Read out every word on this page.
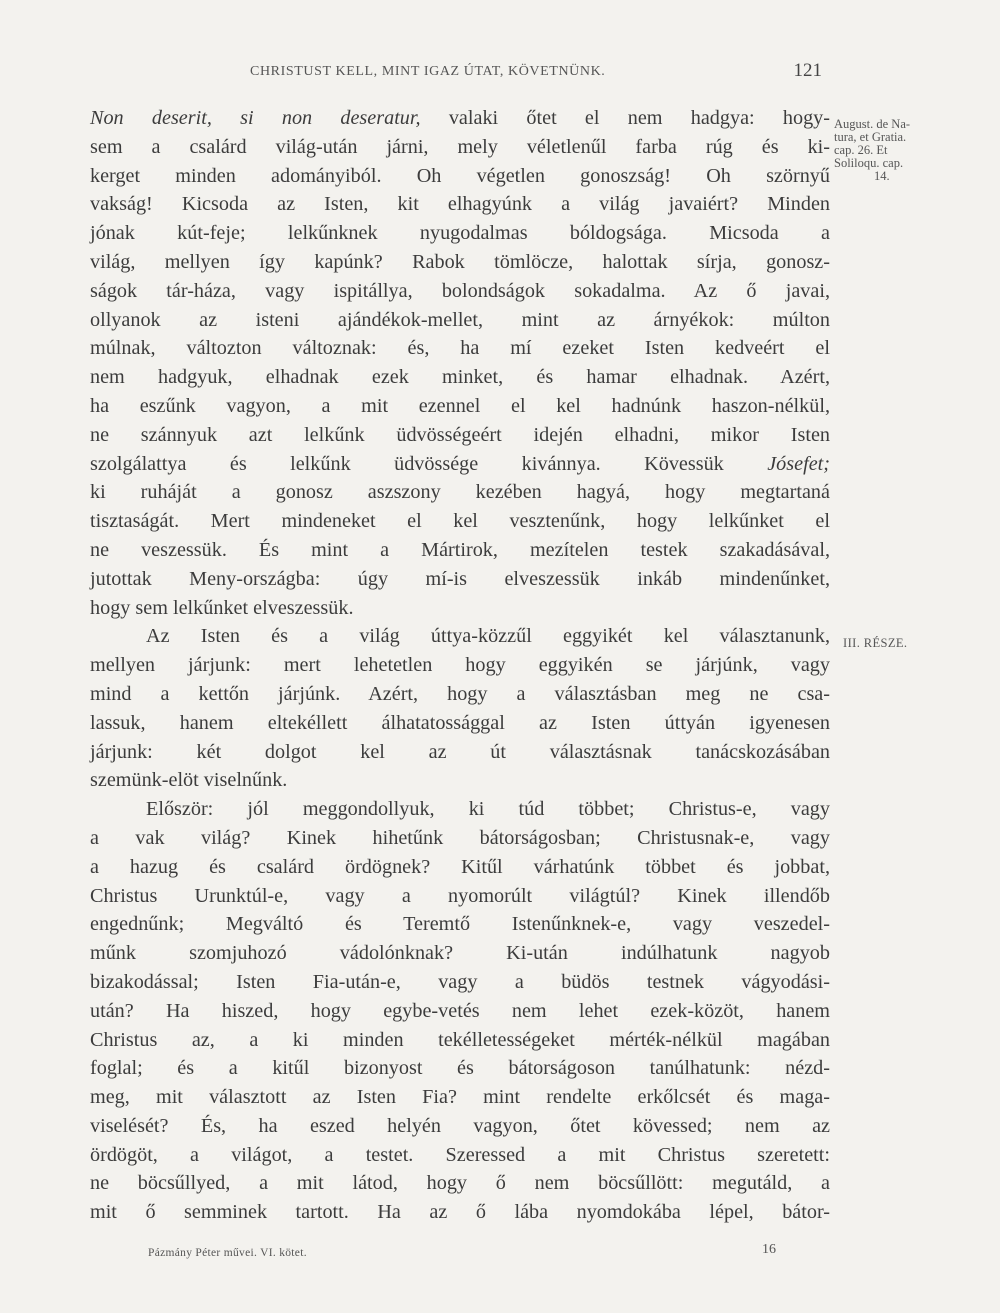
CHRISTUST KELL, MINT IGAZ ÚTAT, KÖVETNÜNK.	121
Non deserit, si non deseratur, valaki őtet el nem hadgya: hogy-
sem a csalárd világ-után járni, mely véletlenűl farba rúg és ki-
kerget minden adományiból. Oh végetlen gonoszság! Oh szörnyű
vakság! Kicsoda az Isten, kit elhagyúnk a világ javaiért? Minden
jónak kút-feje; lelkűnknek nyugodalmas bóldogsága. Micsoda a
világ, mellyen így kapúnk? Rabok tömlöcze, halottak sírja, gonosz-
ságok tár-háza, vagy ispitállya, bolondságok sokadalma. Az ő javai,
ollyanok az isteni ajándékok-mellet, mint az árnyékok: múlton
múlnak, változton változnak: és, ha mí ezeket Isten kedveért el
nem hadgyuk, elhadnak ezek minket, és hamar elhadnak. Azért,
ha eszűnk vagyon, a mit ezennel el kel hadnúnk haszon-nélkül,
ne szánnyuk azt lelkűnk üdvösségeért idején elhadni, mikor Isten
szolgálattya és lelkűnk üdvössége kivánnya. Kövessük Jósefet;
ki ruháját a gonosz aszszony kezében hagyá, hogy megtartaná
tisztaságát. Mert mindeneket el kel vesztenűnk, hogy lelkűnket el
ne veszessük. És mint a Mártirok, mezítelen testek szakadásával,
jutottak Meny-országba: úgy mí-is elveszessük inkáb mindenűnket,
hogy sem lelkűnket elveszessük.
Az Isten és a világ úttya-közzűl eggyikét kel választanunk,
mellyen járjunk: mert lehetetlen hogy eggyikén se járjúnk, vagy
mind a kettőn járjúnk. Azért, hogy a választásban meg ne csa-
lassuk, hanem eltekéllett álhatatossággal az Isten úttyán igyenesen
járjunk: két dolgot kel az út választásnak tanácskozásában
szemünk-elöt viselnűnk.
Először: jól meggondollyuk, ki túd többet; Christus-e, vagy
a vak világ? Kinek hihetűnk bátorságosban; Christusnak-e, vagy
a hazug és csalárd ördögnek? Kitűl várhatúnk többet és jobbat,
Christus Urunktúl-e, vagy a nyomorúlt világtúl? Kinek illendőb
engednűnk; Megváltó és Teremtő Istenűnknek-e, vagy veszedel-
műnk szomjuhozó vádolónknak? Ki-után indúlhatunk nagyob
bizakodással; Isten Fia-után-e, vagy a büdös testnek vágyodási-
után? Ha hiszed, hogy egybe-vetés nem lehet ezek-közöt, hanem
Christus az, a ki minden tekélletességeket mérték-nélkül magában
foglal; és a kitűl bizonyost és bátorságoson tanúlhatunk: nézd-
meg, mit választott az Isten Fia? mint rendelte erkőlcsét és maga-
viselését? És, ha eszed helyén vagyon, őtet kövessed; nem az
ördögöt, a világot, a testet. Szeressed a mit Christus szeretett:
ne böcsűllyed, a mit látod, hogy ő nem böcsűllött: megutáld, a
mit ő semminek tartott. Ha az ő lába nyomdokába lépel, bátor-
August. de Na-
tura, et Gratia.
cap. 26. Et
Soliloqu. cap.
14.
III. RÉSZE.
Pázmány Péter művei. VI. kötet.	16
